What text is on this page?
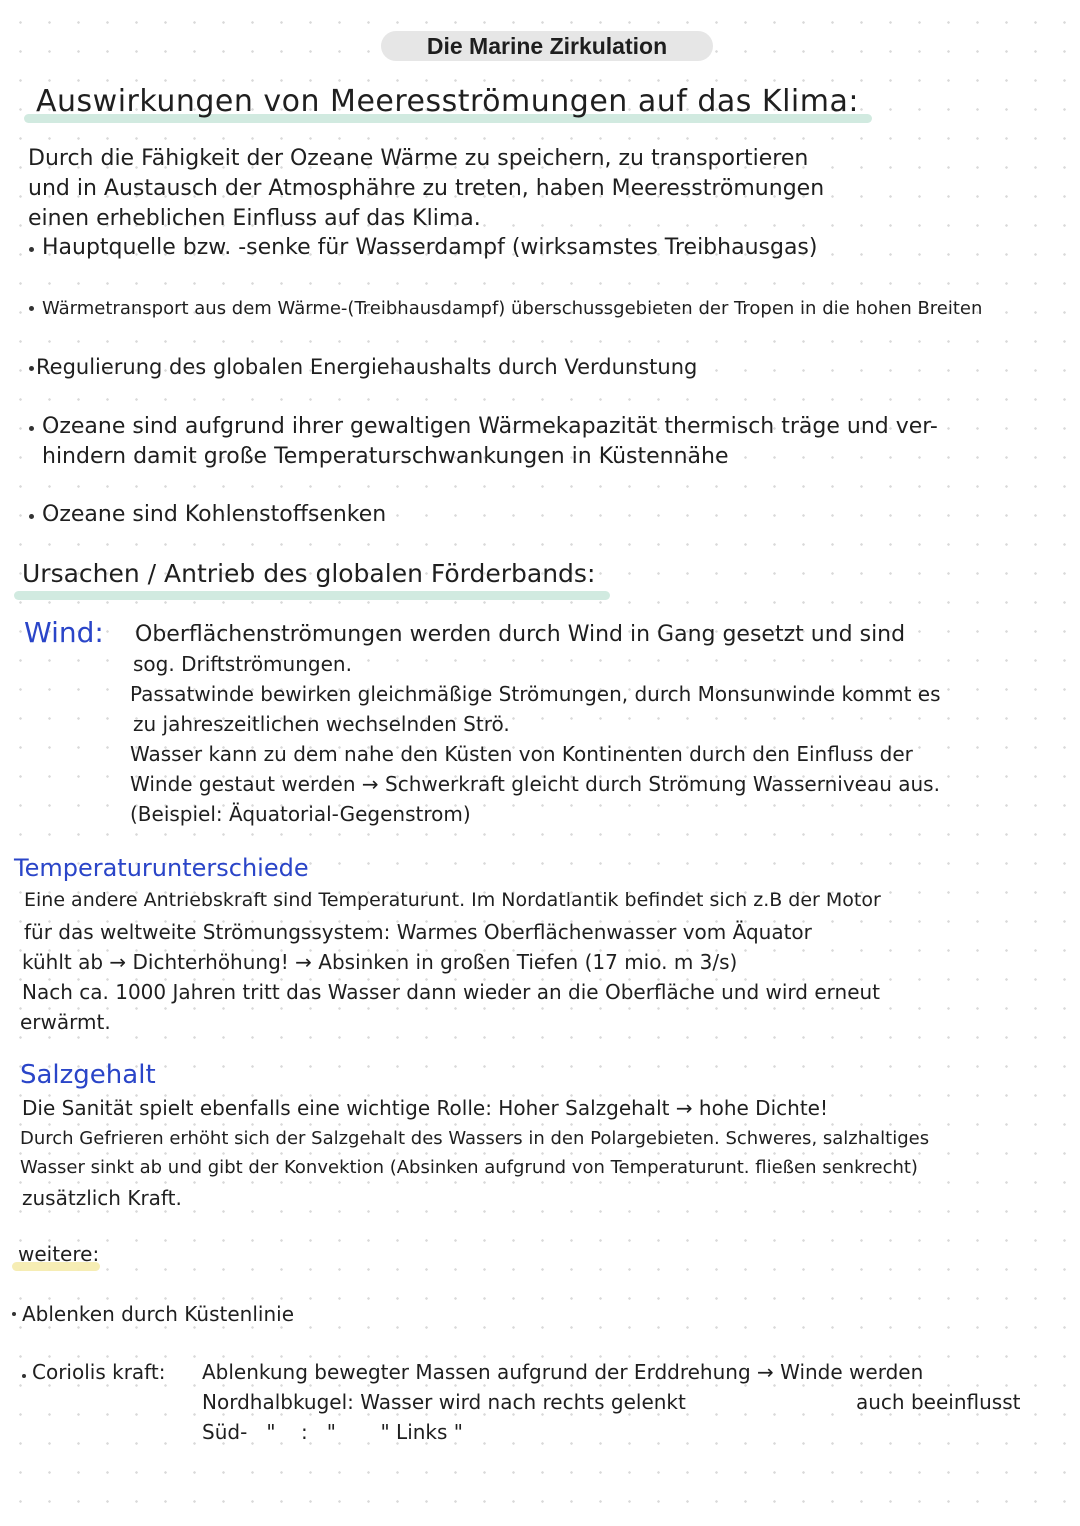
Die Marine Zirkulation
Auswirkungen von Meeresströmungen auf das Klima:
Durch die Fähigkeit der Ozeane Wärme zu speichern, zu transportieren
und in Austausch der Atmosphähre zu treten, haben Meeresströmungen
einen erheblichen Einfluss auf das Klima.
Hauptquelle bzw. -senke für Wasserdampf (wirksamstes Treibhausgas)
Wärmetransport aus dem Wärme-(Treibhausdampf) überschussgebieten der Tropen in die hohen Breiten
Regulierung des globalen Energiehaushalts durch Verdunstung
Ozeane sind aufgrund ihrer gewaltigen Wärmekapazität thermisch träge und ver-
hindern damit große Temperaturschwankungen in Küstennähe
Ozeane sind Kohlenstoffsenken
Ursachen / Antrieb des globalen Förderbands:
Wind: Oberflächenströmungen werden durch Wind in Gang gesetzt und sind
sog. Driftströmungen.
Passatwinde bewirken gleichmäßige Strömungen, durch Monsunwinde kommt es
zu jahreszeitlichen wechselnden Strö.
Wasser kann zu dem nahe den Küsten von Kontinenten durch den Einfluss der
Winde gestaut werden → Schwerkraft gleicht durch Strömung Wasserniveau aus.
(Beispiel: Äquatorial-Gegenstrom)
Temperaturunterschiede
Eine andere Antriebskraft sind Temperaturunt. Im Nordatlantik befindet sich z.B der Motor
für das weltweite Strömungssystem: Warmes Oberflächenwasser vom Äquator
kühlt ab → Dichterhöhung! → Absinken in großen Tiefen (17 mio. m 3/s)
Nach ca. 1000 Jahren tritt das Wasser dann wieder an die Oberfläche und wird erneut
erwärmt.
Salzgehalt
Die Sanität spielt ebenfalls eine wichtige Rolle: Hoher Salzgehalt → hohe Dichte!
Durch Gefrieren erhöht sich der Salzgehalt des Wassers in den Polargebieten. Schweres, salzhaltiges
Wasser sinkt ab und gibt der Konvektion (Absinken aufgrund von Temperaturunt. fließen senkrecht)
zusätzlich Kraft.
weitere:
Ablenken durch Küstenlinie
Coriolis kraft: Ablenkung bewegter Massen aufgrund der Erddrehung → Winde werden
Nordhalbkugel: Wasser wird nach rechts gelenkt	auch beeinflusst
Süd-   "    :   "       " Links "
